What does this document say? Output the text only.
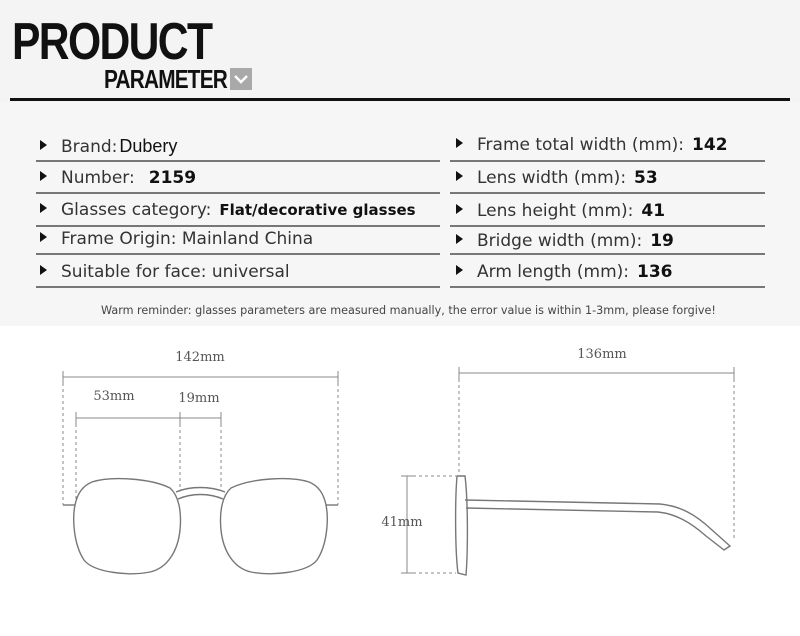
PRODUCT
PARAMETER
Brand: Dubery
Number: 2159
Glasses category: Flat/decorative glasses
Frame Origin: Mainland China
Suitable for face: universal
Frame total width (mm): 142
Lens width (mm): 53
Lens height (mm): 41
Bridge width (mm): 19
Arm length (mm): 136
Warm reminder: glasses parameters are measured manually, the error value is within 1-3mm, please forgive!
142mm
53mm	19mm
136mm
41mm
